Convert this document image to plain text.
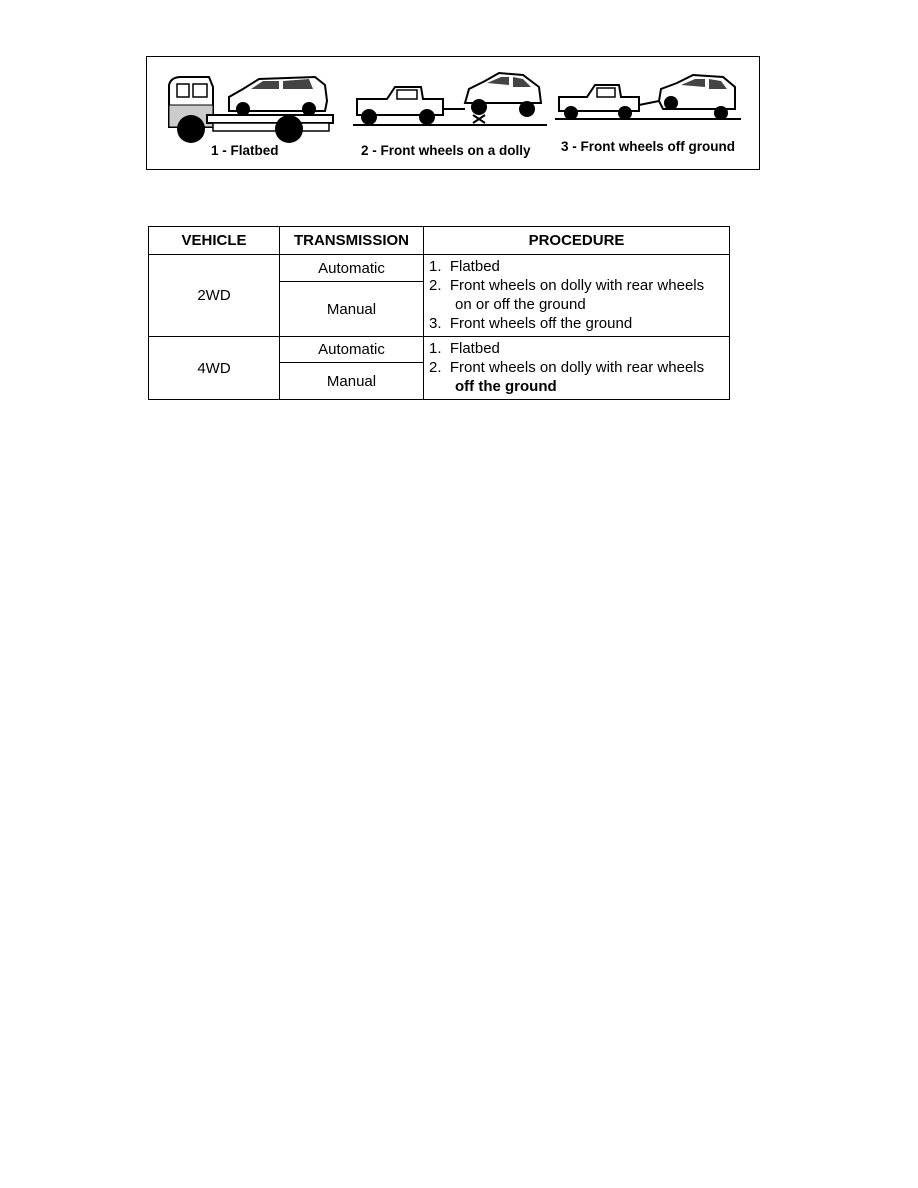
1 - Flatbed	2 - Front wheels on a dolly 3 - Front wheels off ground
VEHICLE	TRANSMISSION	PROCEDURE
2WD	Automatic	1.  Flatbed
2.  Front wheels on dolly with rear wheels
on or off the ground
3.  Front wheels off the ground

	Manual	
4WD	Automatic	1.  Flatbed
2.  Front wheels on dolly with rear wheels
off the ground

	Manual	
